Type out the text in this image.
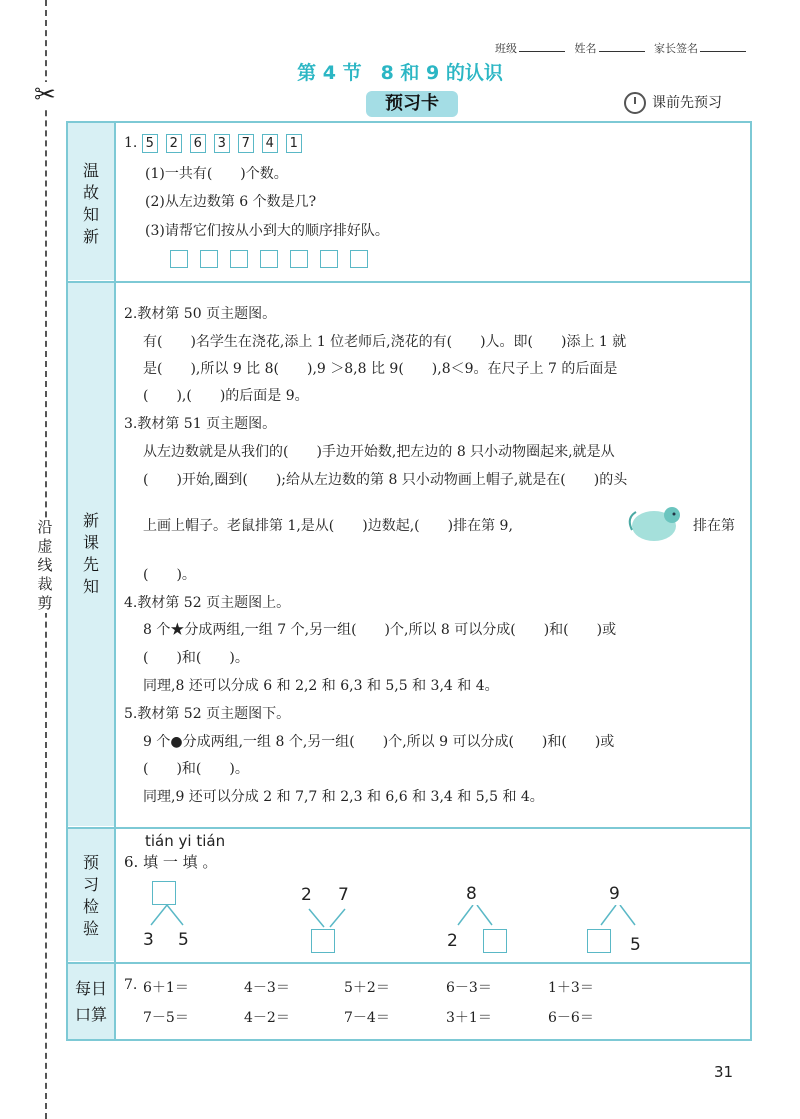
✂
沿虚线裁剪
班级	姓名	家长签名
第 4 节　8 和 9 的认识
预习卡	课前先预习
温故知新
新课先知
预习检验
每日口算
1. 5 2 6 3 7 4 1
(1)一共有(　　)个数。
(2)从左边数第 6 个数是几?
(3)请帮它们按从小到大的顺序排好队。
2.教材第 50 页主题图。
有(　　)名学生在浇花,添上 1 位老师后,浇花的有(　　)人。即(　　)添上 1 就
是(　　),所以 9 比 8(　　),9 ＞8,8 比 9(　　),8＜9。在尺子上 7 的后面是
(　　),(　　)的后面是 9。
3.教材第 51 页主题图。
从左边数就是从我们的(　　)手边开始数,把左边的 8 只小动物圈起来,就是从
(　　)开始,圈到(　　);给从左边数的第 8 只小动物画上帽子,就是在(　　)的头
上画上帽子。老鼠排第 1,是从(　　)边数起,(　　)排在第 9,	排在第
(　　)。
4.教材第 52 页主题图上。
8 个★分成两组,一组 7 个,另一组(　　)个,所以 8 可以分成(　　)和(　　)或
(　　)和(　　)。
同理,8 还可以分成 6 和 2,2 和 6,3 和 5,5 和 3,4 和 4。
5.教材第 52 页主题图下。
9 个●分成两组,一组 8 个,另一组(　　)个,所以 9 可以分成(　　)和(　　)或
(　　)和(　　)。
同理,9 还可以分成 2 和 7,7 和 2,3 和 6,6 和 3,4 和 5,5 和 4。
tián yi tián
6. 填 一 填 。
3 5
2 7	8
2
9
5
7. 6＋1＝	4－3＝	5＋2＝	6－3＝	1＋3＝
7－5＝	4－2＝	7－4＝	3＋1＝	6－6＝
31
